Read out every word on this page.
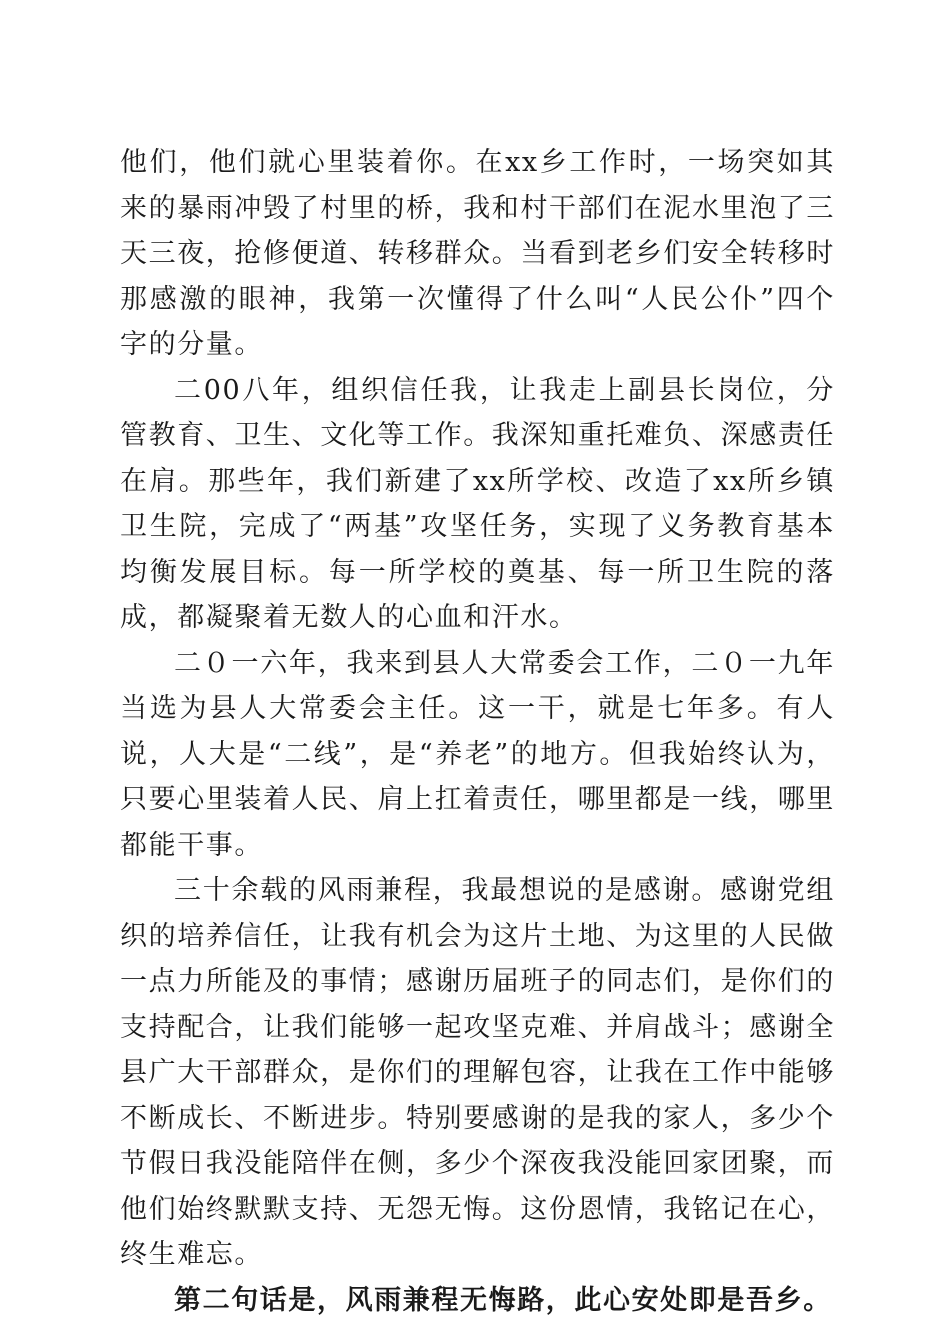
他们，他们就心里装着你。在xx乡工作时，一场突如其来的暴雨冲毁了村里的桥，我和村干部们在泥水里泡了三天三夜，抢修便道、转移群众。当看到老乡们安全转移时那感激的眼神，我第一次懂得了什么叫“人民公仆”四个字的分量。

二00八年，组织信任我，让我走上副县长岗位，分管教育、卫生、文化等工作。我深知重托难负、深感责任在肩。那些年，我们新建了xx所学校、改造了xx所乡镇卫生院，完成了“两基”攻坚任务，实现了义务教育基本均衡发展目标。每一所学校的奠基、每一所卫生院的落成，都凝聚着无数人的心血和汗水。

二０一六年，我来到县人大常委会工作，二０一九年当选为县人大常委会主任。这一干，就是七年多。有人说，人大是“二线”，是“养老”的地方。但我始终认为，只要心里装着人民、肩上扛着责任，哪里都是一线，哪里都能干事。

三十余载的风雨兼程，我最想说的是感谢。感谢党组织的培养信任，让我有机会为这片土地、为这里的人民做一点力所能及的事情；感谢历届班子的同志们，是你们的支持配合，让我们能够一起攻坚克难、并肩战斗；感谢全县广大干部群众，是你们的理解包容，让我在工作中能够不断成长、不断进步。特别要感谢的是我的家人，多少个节假日我没能陪伴在侧，多少个深夜我没能回家团聚，而他们始终默默支持、无怨无悔。这份恩情，我铭记在心，终生难忘。

第二句话是，风雨兼程无悔路，此心安处即是吾乡。
